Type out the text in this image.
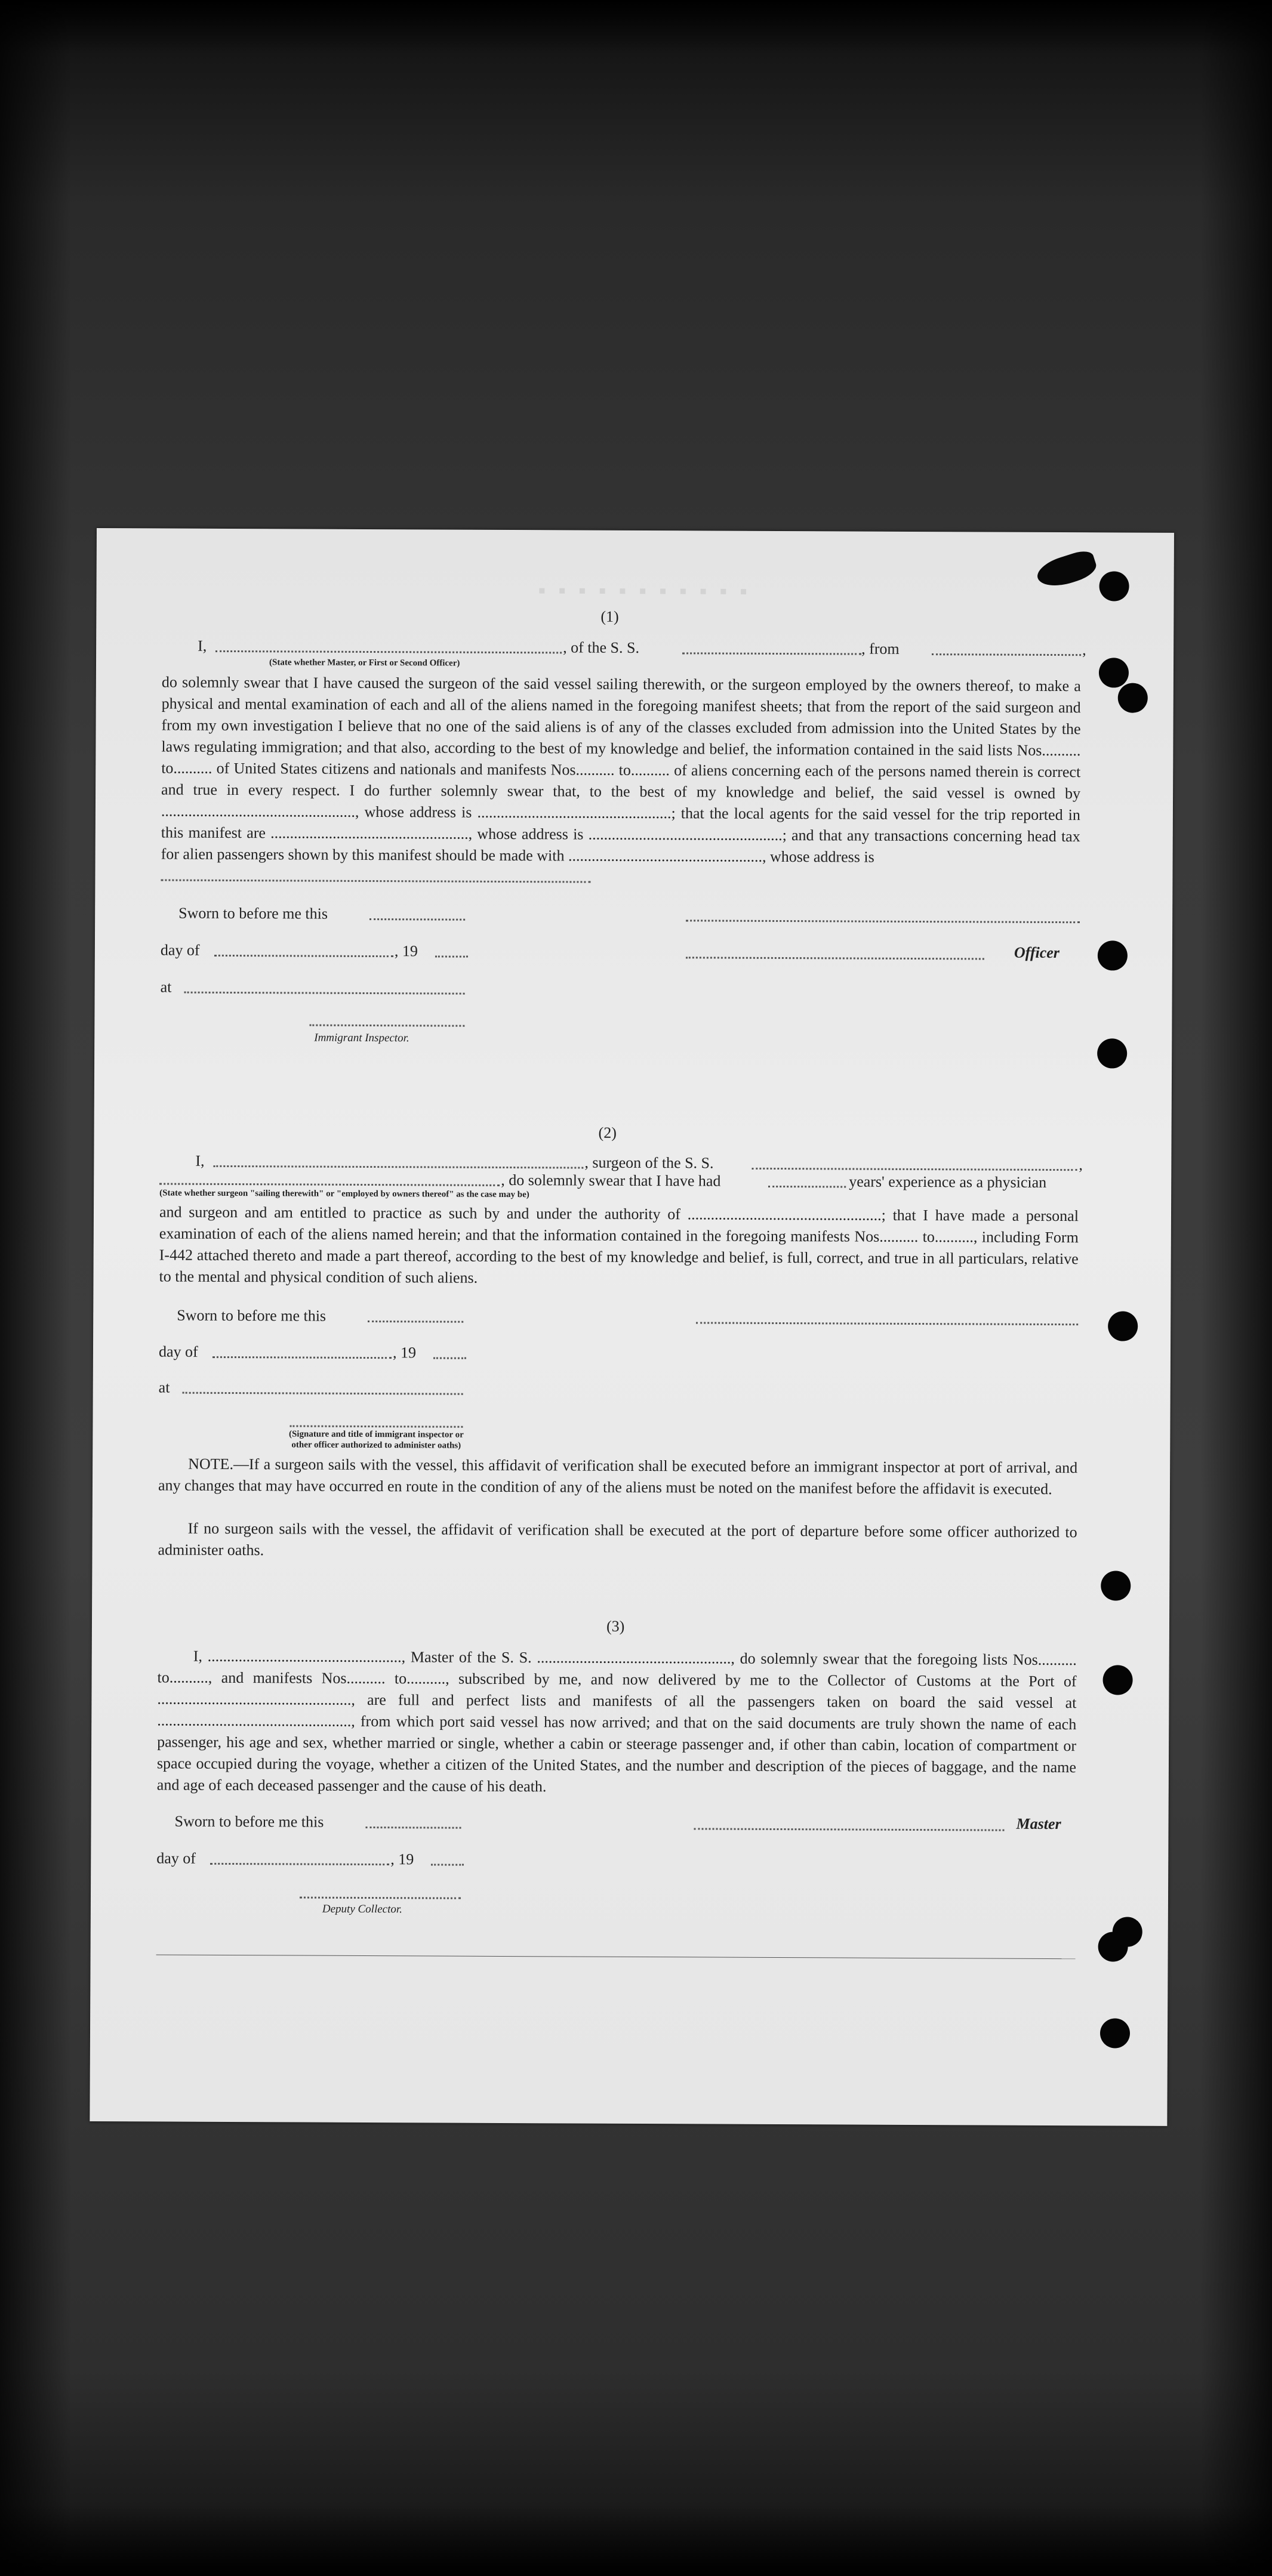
▪ ▪ ▪ ▪ ▪ ▪ ▪ ▪ ▪ ▪ ▪
(1)
I,	, of the S. S.	, from	,
(State whether Master, or First or Second Officer)
do solemnly swear that I have caused the surgeon of the said vessel sailing therewith, or the surgeon employed by the owners thereof, to make a physical and mental examination of each and all of the aliens named in the foregoing manifest sheets; that from the report of the said surgeon and from my own investigation I believe that no one of the said aliens is of any of the classes excluded from admission into the United States by the laws regulating immigration; and that also, according to the best of my knowledge and belief, the information contained in the said lists Nos.......... to.......... of United States citizens and nationals and manifests Nos.......... to.......... of aliens concerning each of the persons named therein is correct and true in every respect. I do further solemnly swear that, to the best of my knowledge and belief, the said vessel is owned by .................................................., whose address is ..................................................; that the local agents for the said vessel for the trip reported in this manifest are ..................................................., whose address is ..................................................; and that any transactions concerning head tax for alien passengers shown by this manifest should be made with .................................................., whose address is
Sworn to before me this
day of	, 19	Officer
at
Immigrant Inspector.
(2)
I,	, surgeon of the S. S.	,
, do solemnly swear that I have had	years' experience as a physician
(State whether surgeon "sailing therewith" or "employed by owners thereof" as the case may be)
and surgeon and am entitled to practice as such by and under the authority of ..................................................; that I have made a personal examination of each of the aliens named herein; and that the information contained in the foregoing manifests Nos.......... to.........., including Form I-442 attached thereto and made a part thereof, according to the best of my knowledge and belief, is full, correct, and true in all particulars, relative to the mental and physical condition of such aliens.
Sworn to before me this
day of	, 19
at
(Signature and title of immigrant inspector or
other officer authorized to administer oaths)
NOTE.—If a surgeon sails with the vessel, this affidavit of verification shall be executed before an immigrant inspector at port of arrival, and any changes that may have occurred en route in the condition of any of the aliens must be noted on the manifest before the affidavit is executed.
If no surgeon sails with the vessel, the affidavit of verification shall be executed at the port of departure before some officer authorized to administer oaths.
(3)
I, .................................................., Master of the S. S. .................................................., do solemnly swear that the foregoing lists Nos.......... to.........., and manifests Nos.......... to.........., subscribed by me, and now delivered by me to the Collector of Customs at the Port of .................................................., are full and perfect lists and manifests of all the passengers taken on board the said vessel at .................................................., from which port said vessel has now arrived; and that on the said documents are truly shown the name of each passenger, his age and sex, whether married or single, whether a cabin or steerage passenger and, if other than cabin, location of compartment or space occupied during the voyage, whether a citizen of the United States, and the number and description of the pieces of baggage, and the name and age of each deceased passenger and the cause of his death.
Sworn to before me this	Master
day of	, 19
Deputy Collector.
